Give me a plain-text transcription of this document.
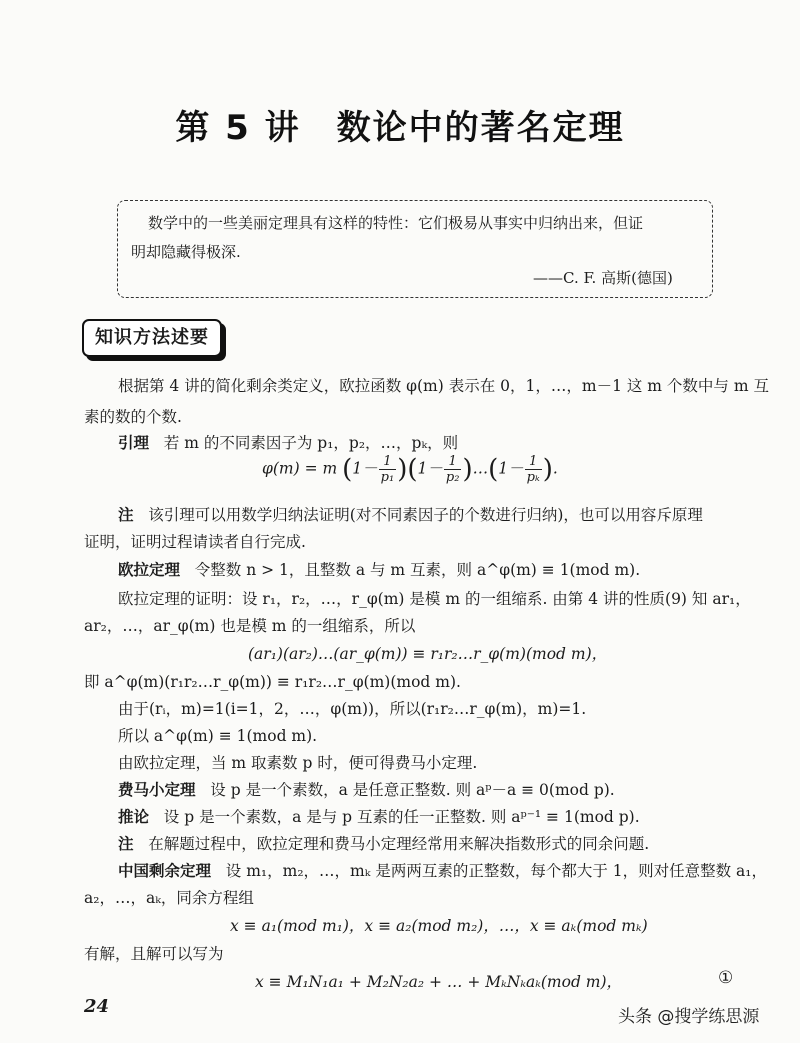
第 5 讲　数论中的著名定理
数学中的一些美丽定理具有这样的特性：它们极易从事实中归纳出来，但证
明却隐藏得极深.
——C. F. 高斯(德国)
知识方法述要
根据第 4 讲的简化剩余类定义，欧拉函数 φ(m) 表示在 0，1，…，m－1 这 m 个数中与 m 互
素的数的个数.
引理 若 m 的不同素因子为 p₁，p₂，…，pₖ，则
φ(m) = m $(1- \frac{1}{\text{p₁}} )(1- \frac{1}{\text{p₂}}$ )…(1－ $\frac{1}{\text{pₖ}}$ ).
注 该引理可以用数学归纳法证明(对不同素因子的个数进行归纳)，也可以用容斥原理
证明，证明过程请读者自行完成.
欧拉定理 令整数 n > 1，且整数 a 与 m 互素，则 a^φ(m) ≡ 1(mod m).
欧拉定理的证明：设 r₁，r₂，…，r_φ(m) 是模 m 的一组缩系. 由第 4 讲的性质(9) 知 ar₁，
ar₂，…，ar_φ(m) 也是模 m 的一组缩系，所以
(ar₁)(ar₂)…(ar_φ(m)) ≡ r₁r₂…r_φ(m)(mod m)，
即 a^φ(m)(r₁r₂…r_φ(m)) ≡ r₁r₂…r_φ(m)(mod m).
由于(rᵢ，m)=1(i=1，2，…，φ(m))，所以(r₁r₂…r_φ(m)，m)=1.
所以 a^φ(m) ≡ 1(mod m).
由欧拉定理，当 m 取素数 p 时，便可得费马小定理.
费马小定理 设 p 是一个素数，a 是任意正整数. 则 aᵖ－a ≡ 0(mod p).
推论 设 p 是一个素数，a 是与 p 互素的任一正整数. 则 aᵖ⁻¹ ≡ 1(mod p).
注 在解题过程中，欧拉定理和费马小定理经常用来解决指数形式的同余问题.
中国剩余定理 设 m₁，m₂，…，mₖ 是两两互素的正整数，每个都大于 1，则对任意整数 a₁，
a₂，…，aₖ，同余方程组
x ≡ a₁(mod m₁)，x ≡ a₂(mod m₂)，…，x ≡ aₖ(mod mₖ)
有解，且解可以写为
x ≡ M₁N₁a₁ + M₂N₂a₂ + … + MₖNₖaₖ(mod m)，	①
24	头条 @搜学练思源
